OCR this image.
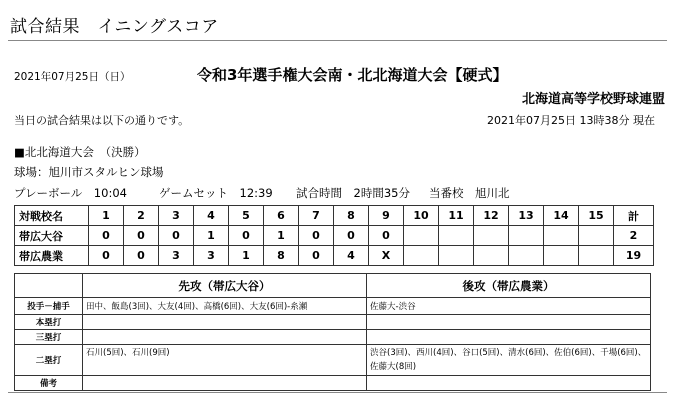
試合結果　イニングスコア
2021年07月25日（日）	令和3年選手権大会南・北北海道大会【硬式】
北海道高等学校野球連盟
当日の試合結果は以下の通りです。	2021年07月25日 13時38分 現在
■北北海道大会　（決勝）
球場：旭川市スタルヒン球場
プレーボール　10:04	ゲームセット　12:39 試合時間　2時間35分 当番校　旭川北
対戦校名	1	2	3	4	5	6	7	8	9	10	11	12	13	14	15	計
帯広大谷	0	0	0	1	0	1	0	0	0							2
帯広農業	0	0	3	3	1	8	0	4	X							19
	先攻（帯広大谷）	後攻（帯広農業）
投手－捕手	田中、飯島(3回)、大友(4回)、高橋(6回)、大友(6回)-糸瀬	佐藤大-渋谷
本塁打		
三塁打		
二塁打	石川(5回)、石川(9回)	渋谷(3回)、西川(4回)、谷口(5回)、清水(6回)、佐伯(6回)、千場(6回)、佐藤大(8回)
備考		
